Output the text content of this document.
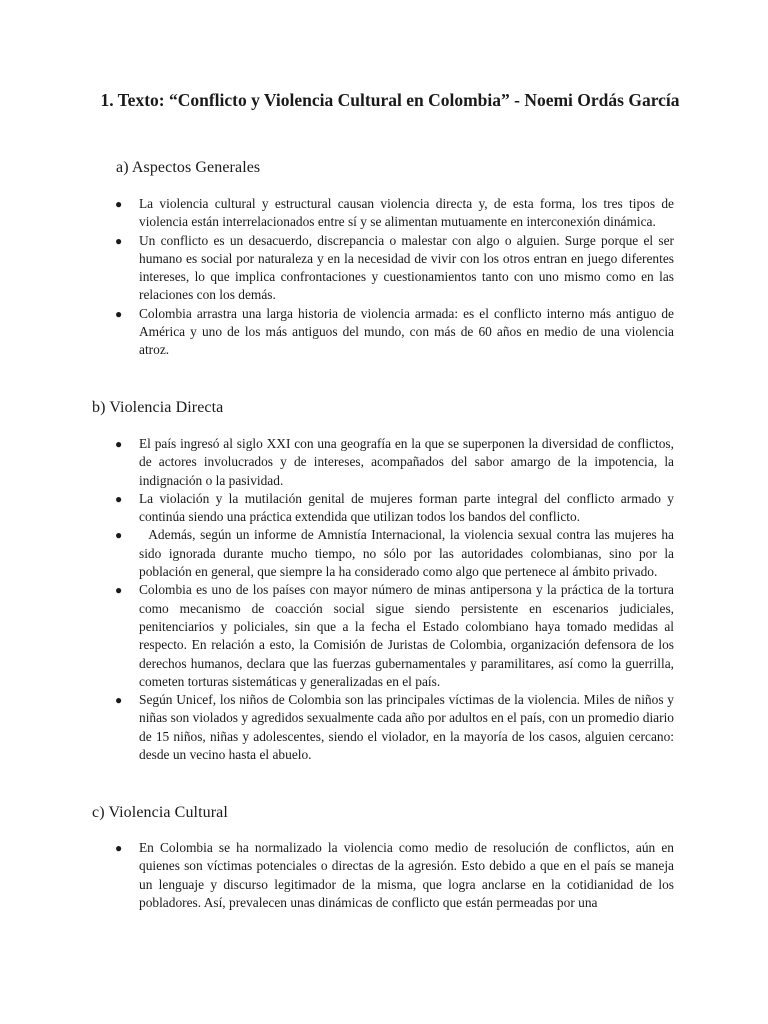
1. Texto: “Conflicto y Violencia Cultural en Colombia” - Noemi Ordás García
a) Aspectos Generales
● La violencia cultural y estructural causan violencia directa y, de esta forma, los tres tipos de violencia están interrelacionados entre sí y se alimentan mutuamente en interconexión dinámica.
● Un conflicto es un desacuerdo, discrepancia o malestar con algo o alguien. Surge porque el ser humano es social por naturaleza y en la necesidad de vivir con los otros entran en juego diferentes intereses, lo que implica confrontaciones y cuestionamientos tanto con uno mismo como en las relaciones con los demás.
● Colombia arrastra una larga historia de violencia armada: es el conflicto interno más antiguo de América y uno de los más antiguos del mundo, con más de 60 años en medio de una violencia atroz.
b) Violencia Directa
● El país ingresó al siglo XXI con una geografía en la que se superponen la diversidad de conflictos, de actores involucrados y de intereses, acompañados del sabor amargo de la impotencia, la indignación o la pasividad.
● La violación y la mutilación genital de mujeres forman parte integral del conflicto armado y continúa siendo una práctica extendida que utilizan todos los bandos del conflicto.
● Además, según un informe de Amnistía Internacional, la violencia sexual contra las mujeres ha sido ignorada durante mucho tiempo, no sólo por las autoridades colombianas, sino por la población en general, que siempre la ha considerado como algo que pertenece al ámbito privado.
● Colombia es uno de los países con mayor número de minas antipersona y la práctica de la tortura como mecanismo de coacción social sigue siendo persistente en escenarios judiciales, penitenciarios y policiales, sin que a la fecha el Estado colombiano haya tomado medidas al respecto. En relación a esto, la Comisión de Juristas de Colombia, organización defensora de los derechos humanos, declara que las fuerzas gubernamentales y paramilitares, así como la guerrilla, cometen torturas sistemáticas y generalizadas en el país.
● Según Unicef, los niños de Colombia son las principales víctimas de la violencia. Miles de niños y niñas son violados y agredidos sexualmente cada año por adultos en el país, con un promedio diario de 15 niños, niñas y adolescentes, siendo el violador, en la mayoría de los casos, alguien cercano: desde un vecino hasta el abuelo.
c) Violencia Cultural
● En Colombia se ha normalizado la violencia como medio de resolución de conflictos, aún en quienes son víctimas potenciales o directas de la agresión. Esto debido a que en el país se maneja un lenguaje y discurso legitimador de la misma, que logra anclarse en la cotidianidad de los pobladores. Así, prevalecen unas dinámicas de conflicto que están permeadas por una
